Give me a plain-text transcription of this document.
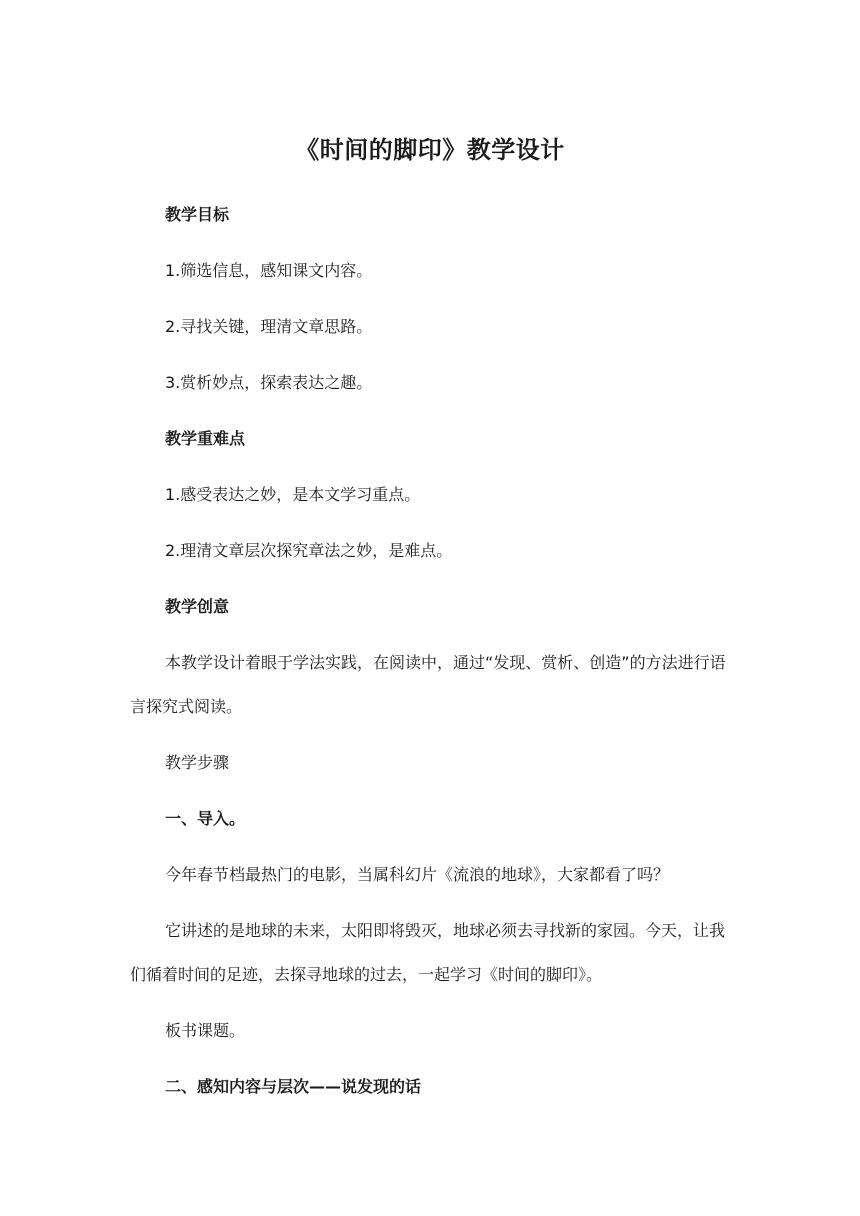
《时间的脚印》教学设计
教学目标
1.筛选信息，感知课文内容。
2.寻找关键，理清文章思路。
3.赏析妙点，探索表达之趣。
教学重难点
1.感受表达之妙，是本文学习重点。
2.理清文章层次探究章法之妙，是难点。
教学创意
本教学设计着眼于学法实践，在阅读中，通过“发现、赏析、创造”的方法进行语言探究式阅读。
教学步骤
一、导入。
今年春节档最热门的电影，当属科幻片《流浪的地球》，大家都看了吗？
它讲述的是地球的未来，太阳即将毁灭，地球必须去寻找新的家园。今天，让我们循着时间的足迹，去探寻地球的过去，一起学习《时间的脚印》。
板书课题。
二、感知内容与层次——说发现的话
